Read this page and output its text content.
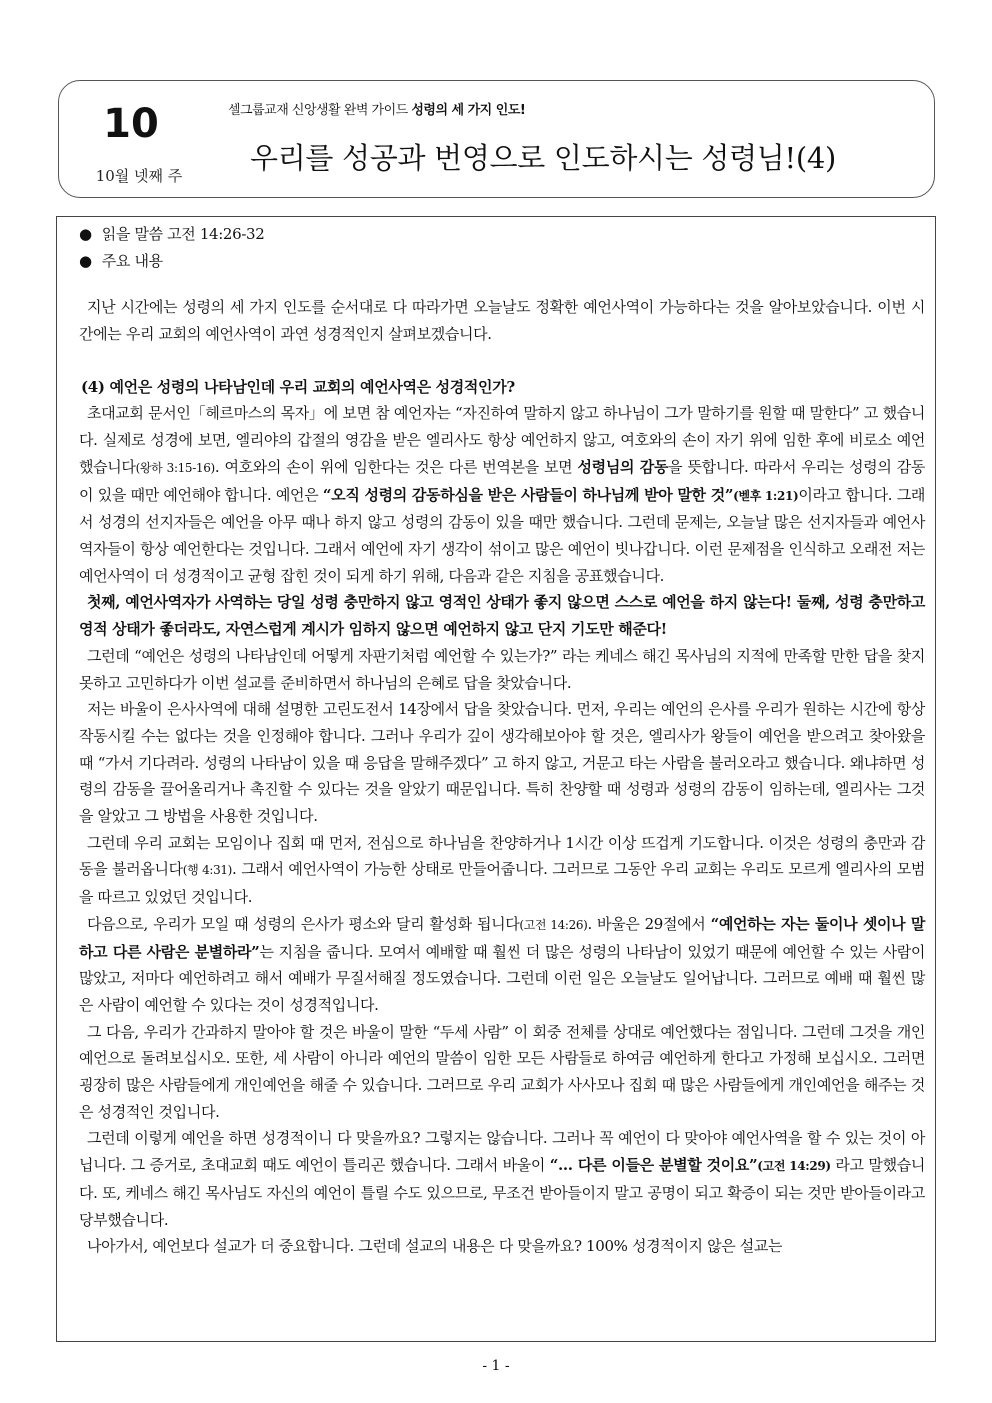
10
10월 넷째 주
셀그룹교재 신앙생활 완벽 가이드 성령의 세 가지 인도!
우리를 성공과 번영으로 인도하시는 성령님!(4)
● 읽을 말씀 고전 14:26-32
● 주요 내용

지난 시간에는 성령의 세 가지 인도를 순서대로 다 따라가면 오늘날도 정확한 예언사역이 가능하다는 것을 알아보았습니다. 이번 시간에는 우리 교회의 예언사역이 과연 성경적인지 살펴보겠습니다.

(4) 예언은 성령의 나타남인데 우리 교회의 예언사역은 성경적인가?

초대교회 문서인「헤르마스의 목자」에 보면 참 예언자는 “자진하여 말하지 않고 하나님이 그가 말하기를 원할 때 말한다” 고 했습니다. 실제로 성경에 보면, 엘리야의 갑절의 영감을 받은 엘리사도 항상 예언하지 않고, 여호와의 손이 자기 위에 임한 후에 비로소 예언했습니다(왕하 3:15-16). 여호와의 손이 위에 임한다는 것은 다른 번역본을 보면 성령님의 감동을 뜻합니다. 따라서 우리는 성령의 감동이 있을 때만 예언해야 합니다. 예언은 “오직 성령의 감동하심을 받은 사람들이 하나님께 받아 말한 것”(벧후 1:21)이라고 합니다. 그래서 성경의 선지자들은 예언을 아무 때나 하지 않고 성령의 감동이 있을 때만 했습니다. 그런데 문제는, 오늘날 많은 선지자들과 예언사역자들이 항상 예언한다는 것입니다. 그래서 예언에 자기 생각이 섞이고 많은 예언이 빗나갑니다. 이런 문제점을 인식하고 오래전 저는 예언사역이 더 성경적이고 균형 잡힌 것이 되게 하기 위해, 다음과 같은 지침을 공표했습니다.

첫째, 예언사역자가 사역하는 당일 성령 충만하지 않고 영적인 상태가 좋지 않으면 스스로 예언을 하지 않는다! 둘째, 성령 충만하고 영적 상태가 좋더라도, 자연스럽게 계시가 임하지 않으면 예언하지 않고 단지 기도만 해준다!

그런데 “예언은 성령의 나타남인데 어떻게 자판기처럼 예언할 수 있는가?” 라는 케네스 해긴 목사님의 지적에 만족할 만한 답을 찾지 못하고 고민하다가 이번 설교를 준비하면서 하나님의 은혜로 답을 찾았습니다.

저는 바울이 은사사역에 대해 설명한 고린도전서 14장에서 답을 찾았습니다. 먼저, 우리는 예언의 은사를 우리가 원하는 시간에 항상 작동시킬 수는 없다는 것을 인정해야 합니다. 그러나 우리가 깊이 생각해보아야 할 것은, 엘리사가 왕들이 예언을 받으려고 찾아왔을 때 “가서 기다려라. 성령의 나타남이 있을 때 응답을 말해주겠다” 고 하지 않고, 거문고 타는 사람을 불러오라고 했습니다. 왜냐하면 성령의 감동을 끌어올리거나 촉진할 수 있다는 것을 알았기 때문입니다. 특히 찬양할 때 성령과 성령의 감동이 임하는데, 엘리사는 그것을 알았고 그 방법을 사용한 것입니다.

그런데 우리 교회는 모임이나 집회 때 먼저, 전심으로 하나님을 찬양하거나 1시간 이상 뜨겁게 기도합니다. 이것은 성령의 충만과 감동을 불러옵니다(행 4:31). 그래서 예언사역이 가능한 상태로 만들어줍니다. 그러므로 그동안 우리 교회는 우리도 모르게 엘리사의 모범을 따르고 있었던 것입니다.

다음으로, 우리가 모일 때 성령의 은사가 평소와 달리 활성화 됩니다(고전 14:26). 바울은 29절에서 “예언하는 자는 둘이나 셋이나 말하고 다른 사람은 분별하라”는 지침을 줍니다. 모여서 예배할 때 훨씬 더 많은 성령의 나타남이 있었기 때문에 예언할 수 있는 사람이 많았고, 저마다 예언하려고 해서 예배가 무질서해질 정도였습니다. 그런데 이런 일은 오늘날도 일어납니다. 그러므로 예배 때 훨씬 많은 사람이 예언할 수 있다는 것이 성경적입니다.

그 다음, 우리가 간과하지 말아야 할 것은 바울이 말한 “두세 사람” 이 회중 전체를 상대로 예언했다는 점입니다. 그런데 그것을 개인예언으로 돌려보십시오. 또한, 세 사람이 아니라 예언의 말씀이 임한 모든 사람들로 하여금 예언하게 한다고 가정해 보십시오. 그러면 굉장히 많은 사람들에게 개인예언을 해줄 수 있습니다. 그러므로 우리 교회가 사사모나 집회 때 많은 사람들에게 개인예언을 해주는 것은 성경적인 것입니다.

그런데 이렇게 예언을 하면 성경적이니 다 맞을까요? 그렇지는 않습니다. 그러나 꼭 예언이 다 맞아야 예언사역을 할 수 있는 것이 아닙니다. 그 증거로, 초대교회 때도 예언이 틀리곤 했습니다. 그래서 바울이 “… 다른 이들은 분별할 것이요”(고전 14:29) 라고 말했습니다. 또, 케네스 해긴 목사님도 자신의 예언이 틀릴 수도 있으므로, 무조건 받아들이지 말고 공명이 되고 확증이 되는 것만 받아들이라고 당부했습니다.

나아가서, 예언보다 설교가 더 중요합니다. 그런데 설교의 내용은 다 맞을까요? 100% 성경적이지 않은 설교는

- 1 -
